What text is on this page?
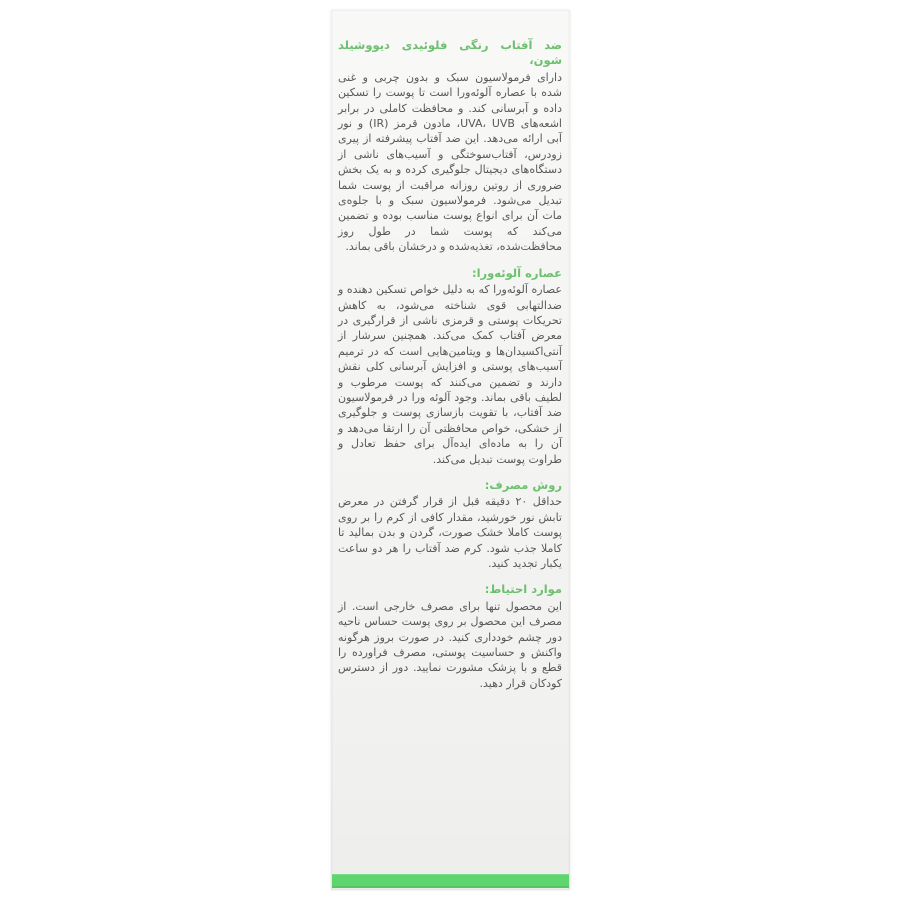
ضد آفتاب رنگی فلوئیدی دیووشیلد شون،

دارای فرمولاسیون سبک و بدون چربی و غنی شده با عصاره آلوئه‌ورا است تا پوست را تسکین داده و آبرسانی کند. و محافظت کاملی در برابر اشعه‌های UVA، UVB، مادون قرمز (IR) و نور آبی ارائه می‌دهد. این ضد آفتاب پیشرفته از پیری زودرس، آفتاب‌سوختگی و آسیب‌های ناشی از دستگاه‌های دیجیتال جلوگیری کرده و به یک بخش ضروری از روتین روزانه مراقبت از پوست شما تبدیل می‌شود. فرمولاسیون سبک و با جلوه‌ی مات آن برای انواع پوست مناسب بوده و تضمین می‌کند که پوست شما در طول روز محافظت‌شده، تغذیه‌شده و درخشان باقی بماند.

عصاره آلوئه‌ورا:

عصاره آلوئه‌ورا که به دلیل خواص تسکین دهنده و ضدالتهابی قوی شناخته می‌شود، به کاهش تحریکات پوستی و قرمزی ناشی از قرارگیری در معرض آفتاب کمک می‌کند. همچنین سرشار از آنتی‌اکسیدان‌ها و ویتامین‌هایی است که در ترمیم آسیب‌های پوستی و افزایش آبرسانی کلی نقش دارند و تضمین می‌کنند که پوست مرطوب و لطیف باقی بماند. وجود آلوئه ورا در فرمولاسیون ضد آفتاب، با تقویت بازسازی پوست و جلوگیری از خشکی، خواص محافظتی آن را ارتقا می‌دهد و آن را به ماده‌ای ایده‌آل برای حفظ تعادل و طراوت پوست تبدیل می‌کند.

روش مصرف:

حداقل ۲۰ دقیقه قبل از قرار گرفتن در معرض تابش نور خورشید، مقدار کافی از کرم را بر روی پوست کاملا خشک صورت، گردن و بدن بمالید تا کاملا جذب شود. کرم ضد آفتاب را هر دو ساعت یکبار تجدید کنید.

موارد احتیاط:

این محصول تنها برای مصرف خارجی است. از مصرف این محصول بر روی پوست حساس ناحیه دور چشم خودداری کنید. در صورت بروز هرگونه واکنش و حساسیت پوستی، مصرف فراورده را قطع و با پزشک مشورت نمایید. دور از دسترس کودکان قرار دهید.
